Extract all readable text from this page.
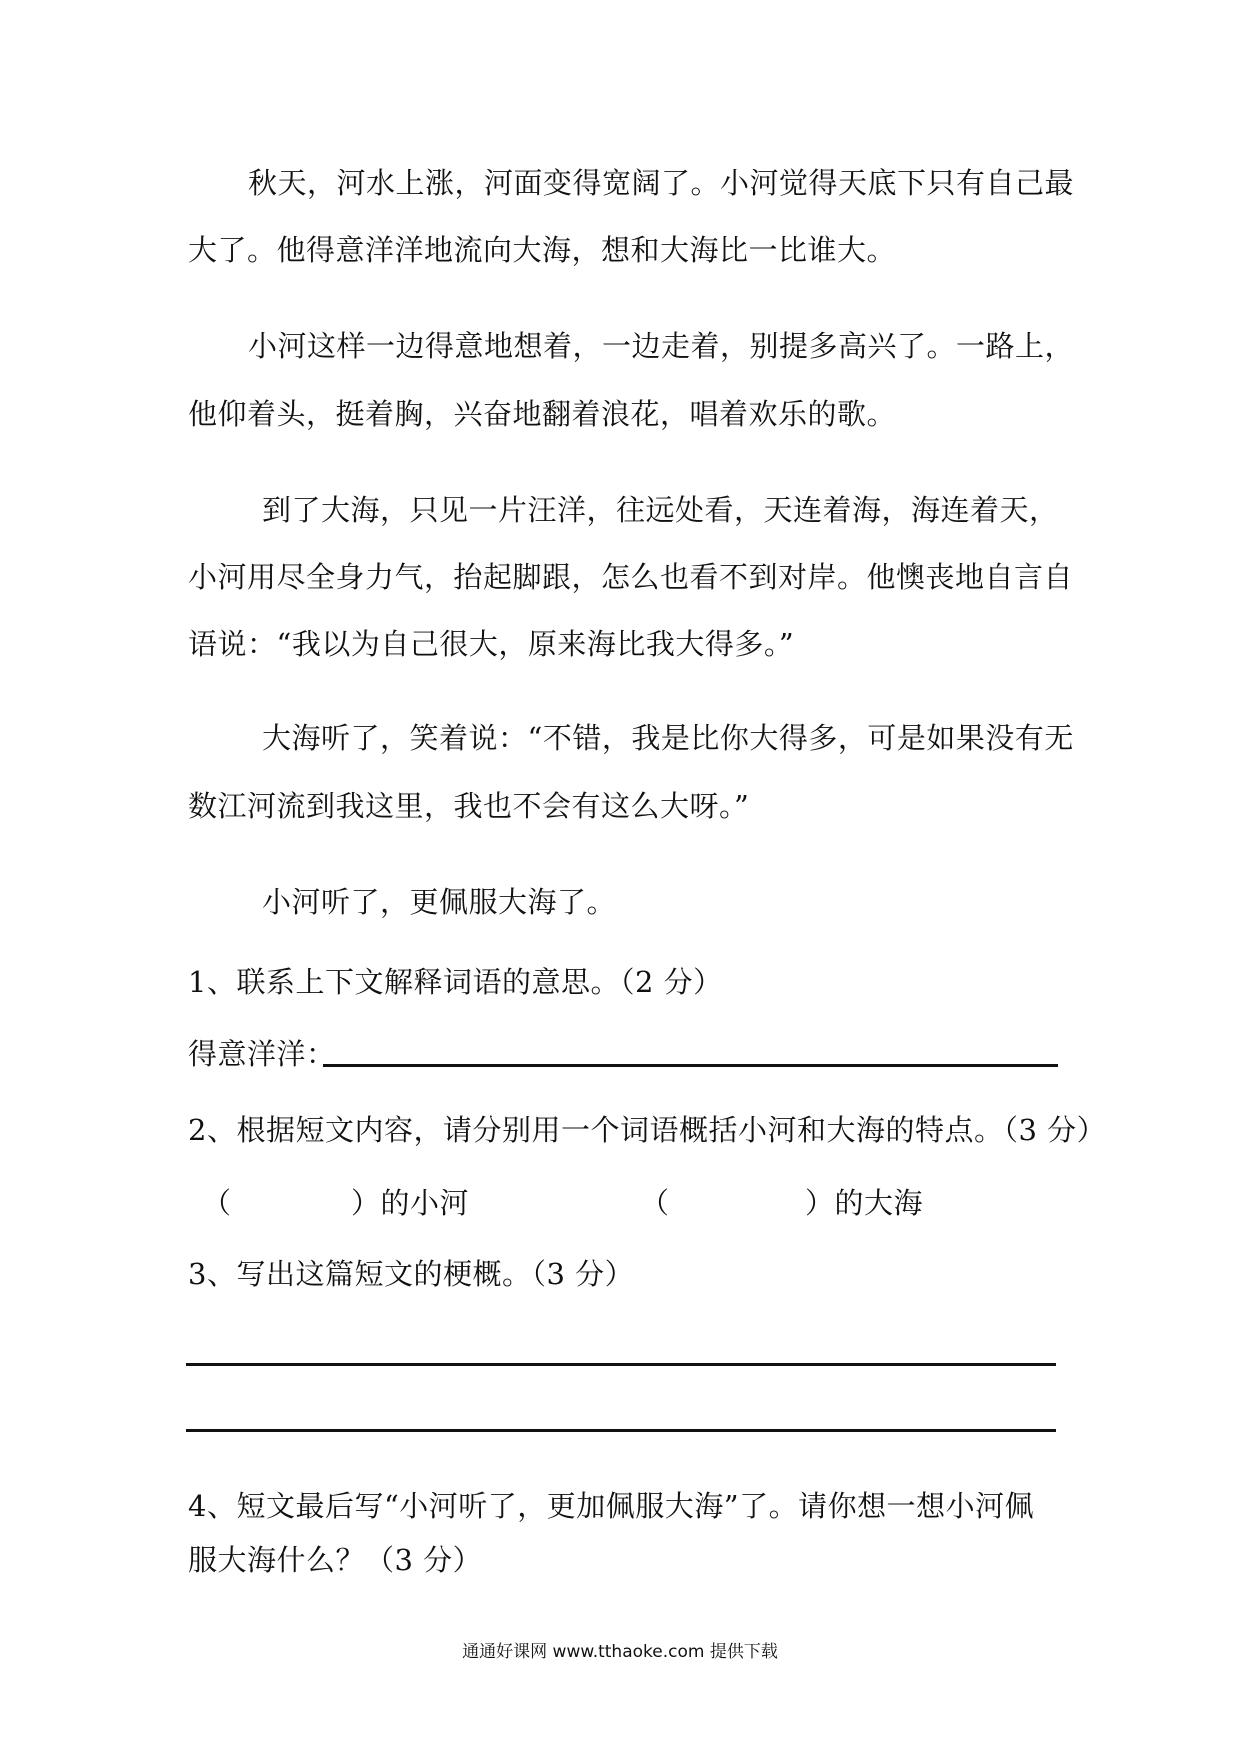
秋天，河水上涨，河面变得宽阔了。小河觉得天底下只有自己最
大了。他得意洋洋地流向大海，想和大海比一比谁大。
小河这样一边得意地想着，一边走着，别提多高兴了。一路上，
他仰着头，挺着胸，兴奋地翻着浪花，唱着欢乐的歌。
到了大海，只见一片汪洋，往远处看，天连着海，海连着天，
小河用尽全身力气，抬起脚跟，怎么也看不到对岸。他懊丧地自言自
语说：“我以为自己很大，原来海比我大得多。”
大海听了，笑着说：“不错，我是比你大得多，可是如果没有无
数江河流到我这里，我也不会有这么大呀。”
小河听了，更佩服大海了。
1、联系上下文解释词语的意思。（2 分）
得意洋洋：
2、根据短文内容，请分别用一个词语概括小河和大海的特点。（3 分）
（	）的小河	（	）的大海
3、写出这篇短文的梗概。（3 分）
4、短文最后写“小河听了，更加佩服大海”了。请你想一想小河佩
服大海什么？（3 分）
通通好课网 www.tthaoke.com 提供下载
